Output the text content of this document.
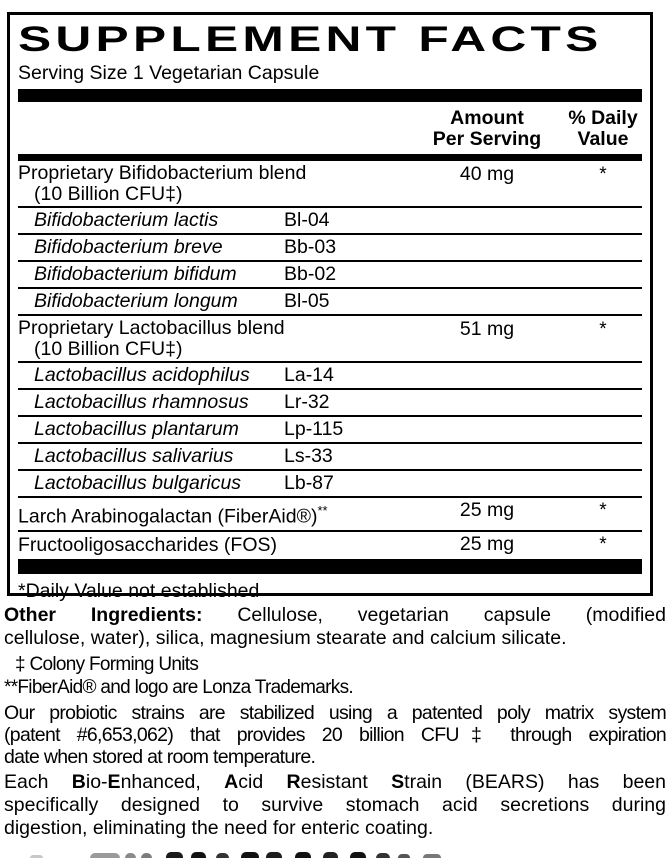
SUPPLEMENT FACTS
Serving Size 1 Vegetarian Capsule
Amount
Per Serving
% Daily
Value
Proprietary Bifidobacterium blend
(10 Billion CFU‡)
40 mg	*
Bifidobacterium lactis	Bl-04
Bifidobacterium breve	Bb-03
Bifidobacterium bifidum Bb-02
Bifidobacterium longum Bl-05
Proprietary Lactobacillus blend
(10 Billion CFU‡)
51 mg	*
Lactobacillus acidophilus La-14
Lactobacillus rhamnosus Lr-32
Lactobacillus plantarum Lp-115
Lactobacillus salivarius	Ls-33
Lactobacillus bulgaricus Lb-87
Larch Arabinogalactan (FiberAid®)**	25 mg	*
Fructooligosaccharides (FOS)	25 mg	*
*Daily Value not established
Other Ingredients: Cellulose, vegetarian capsule (modified
cellulose, water), silica, magnesium stearate and calcium silicate.
‡ Colony Forming Units
**FiberAid® and logo are Lonza Trademarks.
Our probiotic strains are stabilized using a patented poly matrix system
(patent #6,653,062) that provides 20 billion CFU‡ through expiration
date when stored at room temperature.
Each Bio-Enhanced, Acid Resistant Strain (BEARS) has been
specifically designed to survive stomach acid secretions during
digestion, eliminating the need for enteric coating.
